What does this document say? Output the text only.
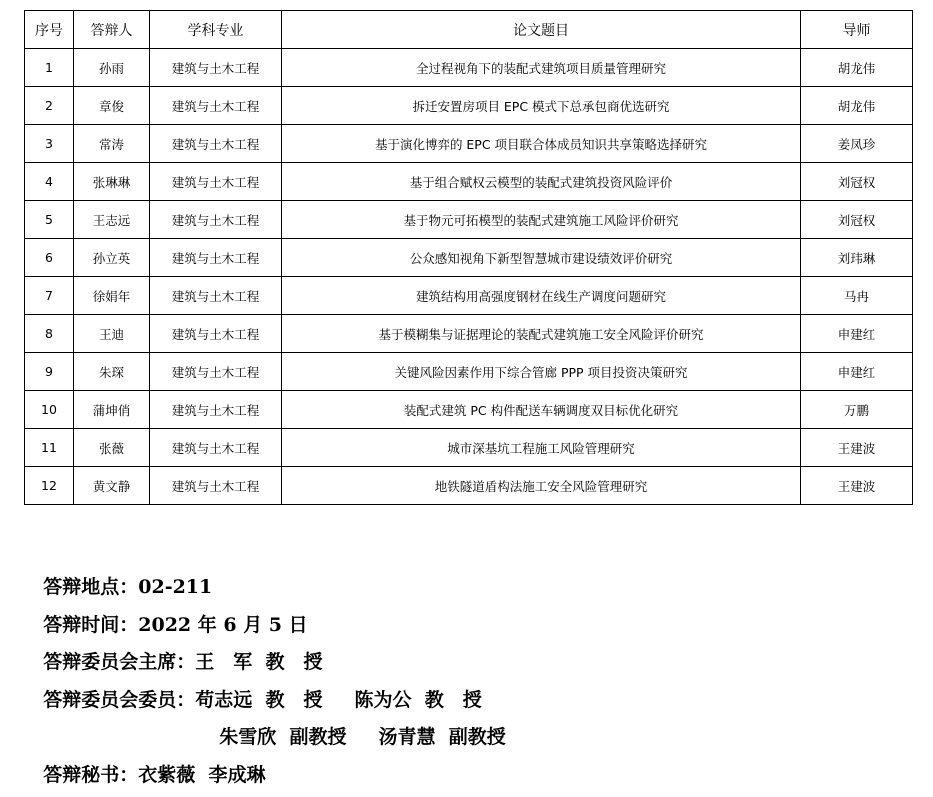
序号	答辩人	学科专业	论文题目	导师
1	孙雨	建筑与土木工程	全过程视角下的装配式建筑项目质量管理研究	胡龙伟
2	章俊	建筑与土木工程	拆迁安置房项目 EPC 模式下总承包商优选研究	胡龙伟
3	常涛	建筑与土木工程	基于演化博弈的 EPC 项目联合体成员知识共享策略选择研究	姜凤珍
4	张琳琳	建筑与土木工程	基于组合赋权云模型的装配式建筑投资风险评价	刘冠权
5	王志远	建筑与土木工程	基于物元可拓模型的装配式建筑施工风险评价研究	刘冠权
6	孙立英	建筑与土木工程	公众感知视角下新型智慧城市建设绩效评价研究	刘玮琳
7	徐娟年	建筑与土木工程	建筑结构用高强度钢材在线生产调度问题研究	马冉
8	王迪	建筑与土木工程	基于模糊集与证据理论的装配式建筑施工安全风险评价研究	申建红
9	朱琛	建筑与土木工程	关键风险因素作用下综合管廊 PPP 项目投资决策研究	申建红
10	蒲坤俏	建筑与土木工程	装配式建筑 PC 构件配送车辆调度双目标优化研究	万鹏
11	张薇	建筑与土木工程	城市深基坑工程施工风险管理研究	王建波
12	黄文静	建筑与土木工程	地铁隧道盾构法施工安全风险管理研究	王建波

答辩地点：02-211

答辩时间：2022 年 6 月 5 日

答辩委员会主席：王　军  教　授

答辩委员会委员：苟志远  教　授 陈为公  教　授

朱雪欣  副教授 汤青慧  副教授

答辩秘书：衣紫薇  李成琳
